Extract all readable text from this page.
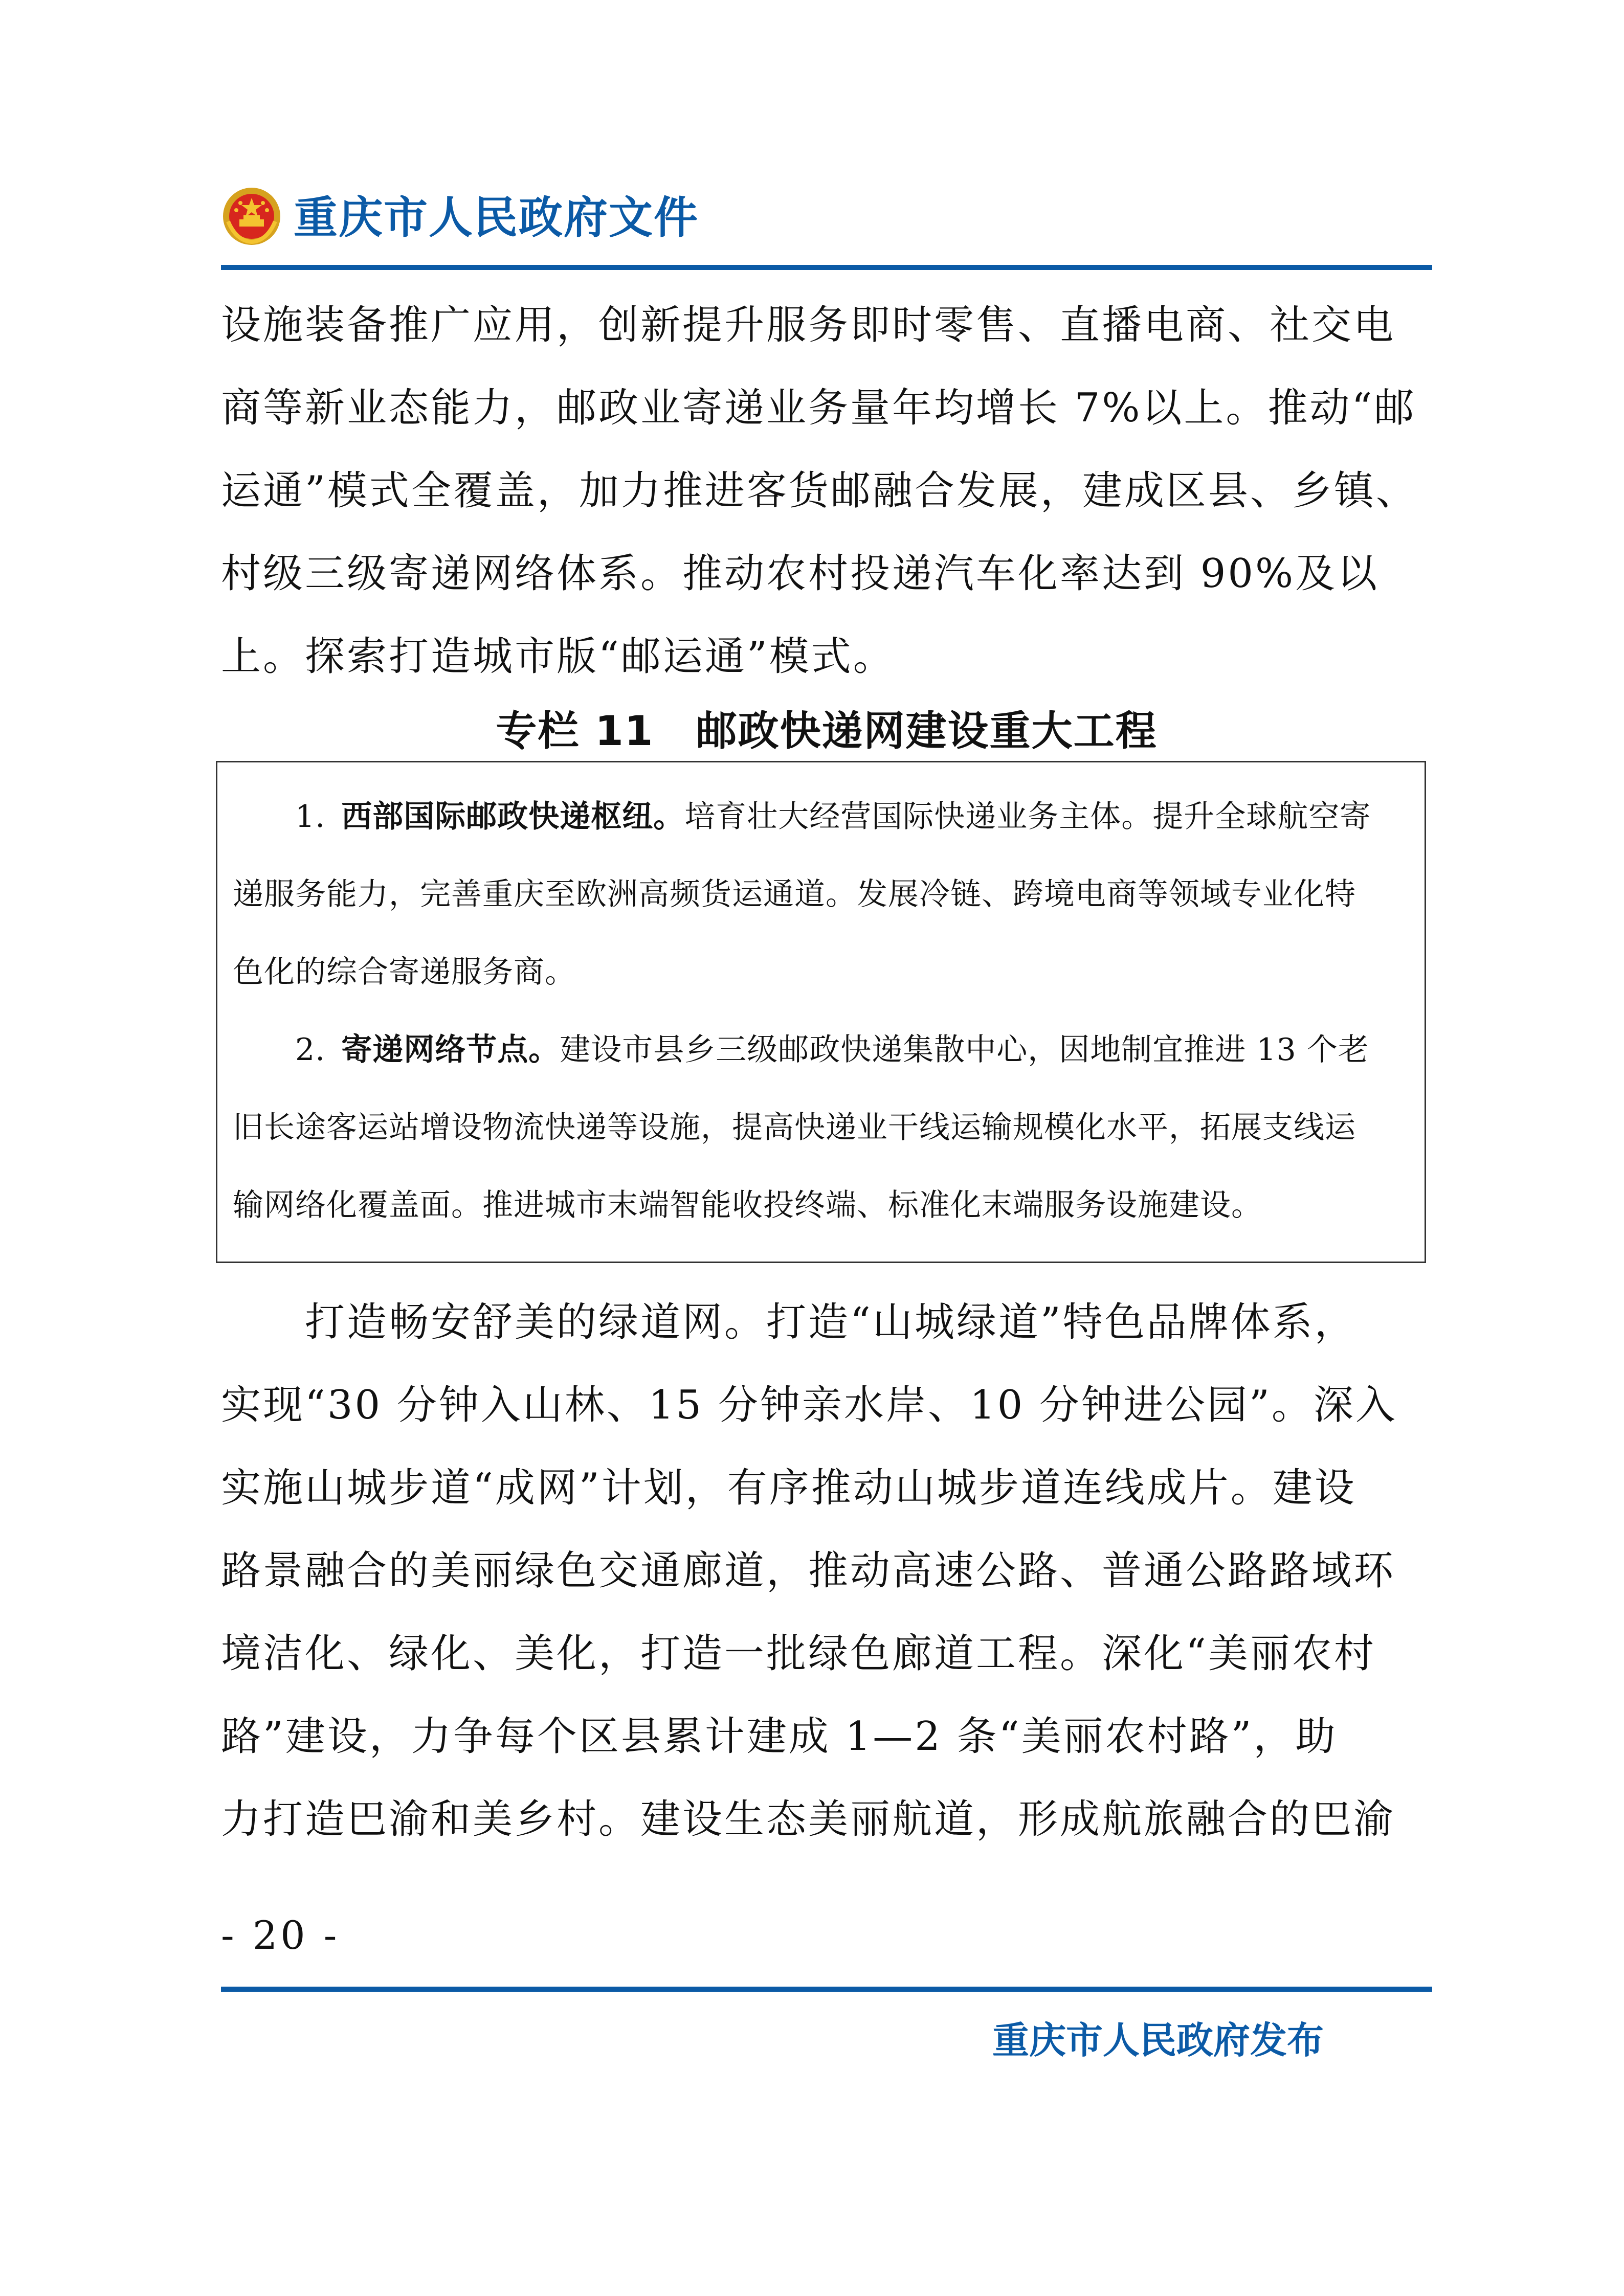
重庆市人民政府文件

设施装备推广应用，创新提升服务即时零售、直播电商、社交电
商等新业态能力，邮政业寄递业务量年均增长 7%以上。推动“邮
运通”模式全覆盖，加力推进客货邮融合发展，建成区县、乡镇、
村级三级寄递网络体系。推动农村投递汽车化率达到 90%及以
上。探索打造城市版“邮运通”模式。

专栏 11　邮政快递网建设重大工程
  1.  西部国际邮政快递枢纽。培育壮大经营国际快递业务主体。提升全球航空寄
递服务能力，完善重庆至欧洲高频货运通道。发展冷链、跨境电商等领域专业化特
色化的综合寄递服务商。
  2.  寄递网络节点。建设市县乡三级邮政快递集散中心，因地制宜推进 13 个老
旧长途客运站增设物流快递等设施，提高快递业干线运输规模化水平，拓展支线运
输网络化覆盖面。推进城市末端智能收投终端、标准化末端服务设施建设。

　　打造畅安舒美的绿道网。打造“山城绿道”特色品牌体系，
实现“30 分钟入山林、15 分钟亲水岸、10 分钟进公园”。深入
实施山城步道“成网”计划，有序推动山城步道连线成片。建设
路景融合的美丽绿色交通廊道，推动高速公路、普通公路路域环
境洁化、绿化、美化，打造一批绿色廊道工程。深化“美丽农村
路”建设，力争每个区县累计建成 1—2 条“美丽农村路”，助
力打造巴渝和美乡村。建设生态美丽航道，形成航旅融合的巴渝

- 20 -
重庆市人民政府发布
